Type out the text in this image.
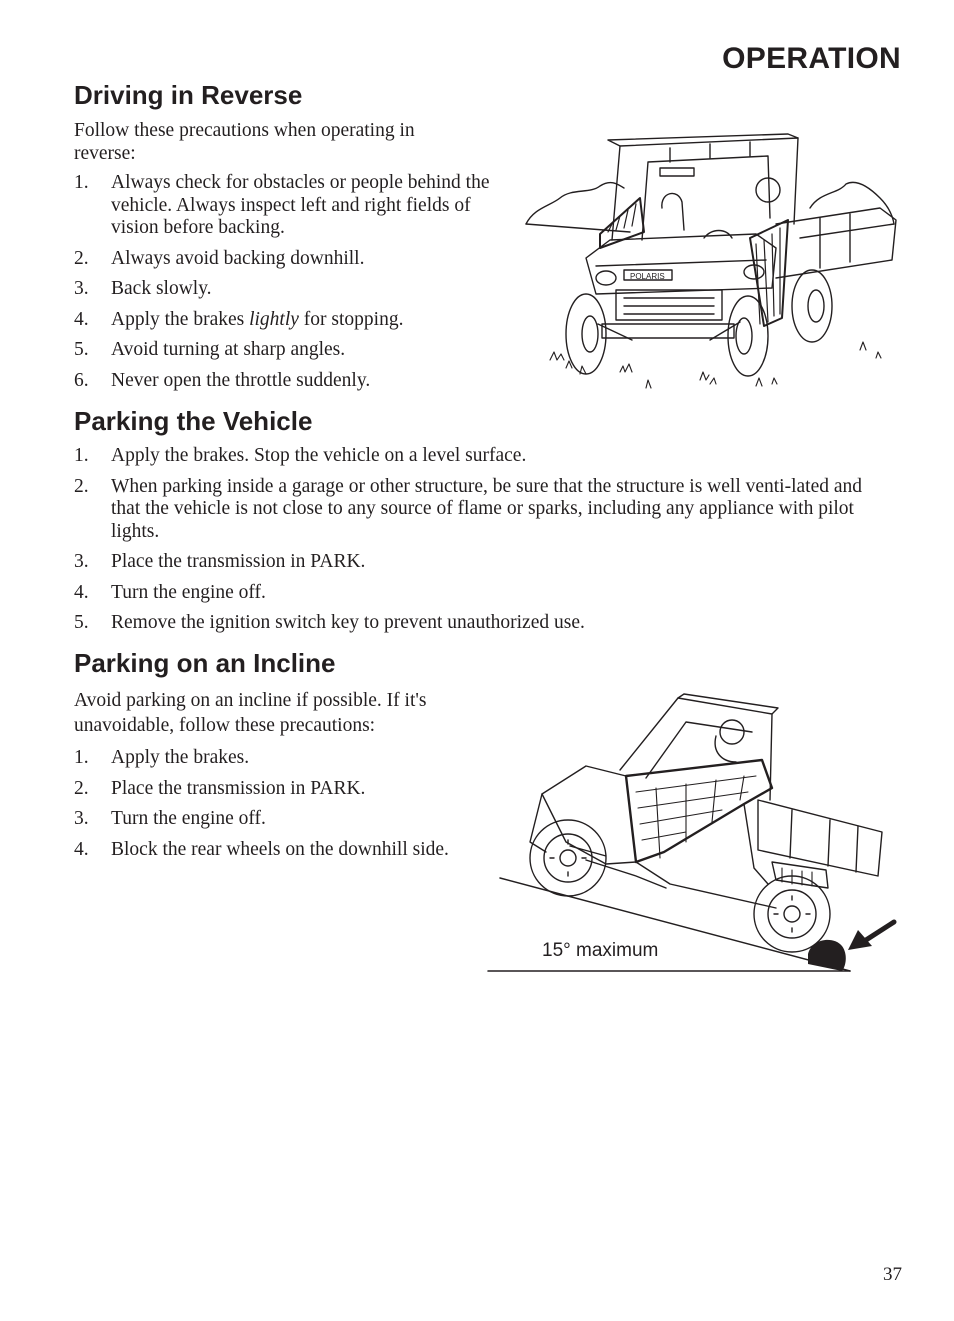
OPERATION
Driving in Reverse

Follow these precautions when operating in reverse:

1. Always check for obstacles or people behind the vehicle. Always inspect left and right fields of vision before backing.
2. Always avoid backing downhill.
3. Back slowly.
4. Apply the brakes lightly for stopping.
5. Avoid turning at sharp angles.
6. Never open the throttle suddenly.
POLARIS
Parking the Vehicle
1. Apply the brakes. Stop the vehicle on a level surface.
2. When parking inside a garage or other structure, be sure that the structure is well venti-lated and that the vehicle is not close to any source of flame or sparks, including any appliance with pilot lights.
3. Place the transmission in PARK.
4. Turn the engine off.
5. Remove the ignition switch key to prevent unauthorized use.
Parking on an Incline

Avoid parking on an incline if possible. If it's unavoidable, follow these precautions:

1. Apply the brakes.
2. Place the transmission in PARK.
3. Turn the engine off.
4. Block the rear wheels on the downhill side.
15° maximum
37
